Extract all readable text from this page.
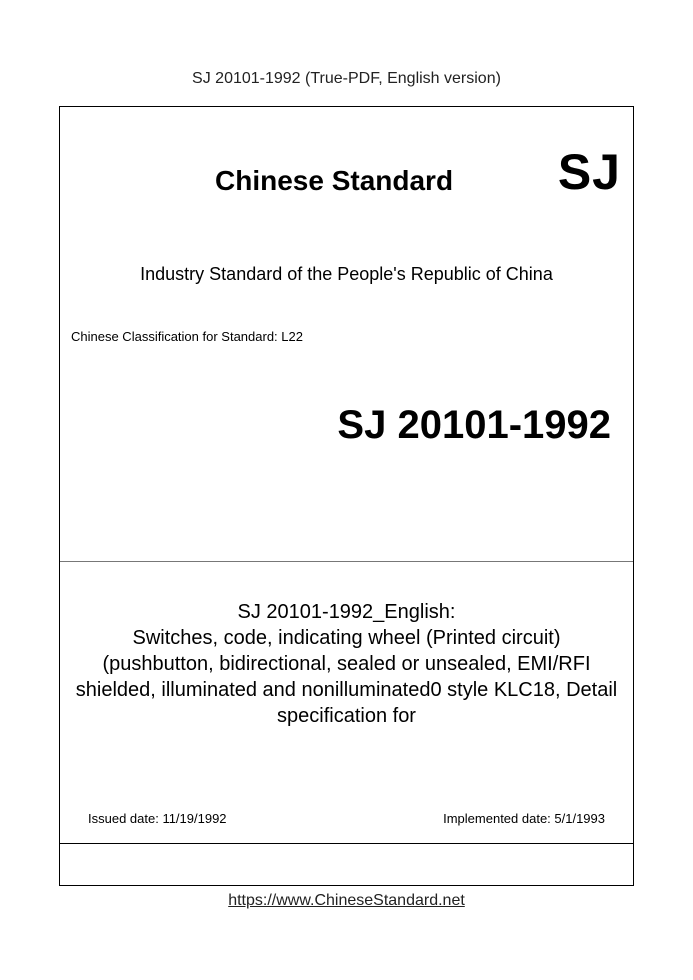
SJ 20101-1992 (True-PDF, English version)
Chinese Standard SJ
Industry Standard of the People's Republic of China
Chinese Classification for Standard: L22
SJ 20101-1992
SJ 20101-1992_English:
Switches, code, indicating wheel (Printed circuit)
(pushbutton, bidirectional, sealed or unsealed, EMI/RFI
shielded, illuminated and nonilluminated0 style KLC18, Detail
specification for
Issued date: 11/19/1992	Implemented date: 5/1/1993
https://www.ChineseStandard.net
